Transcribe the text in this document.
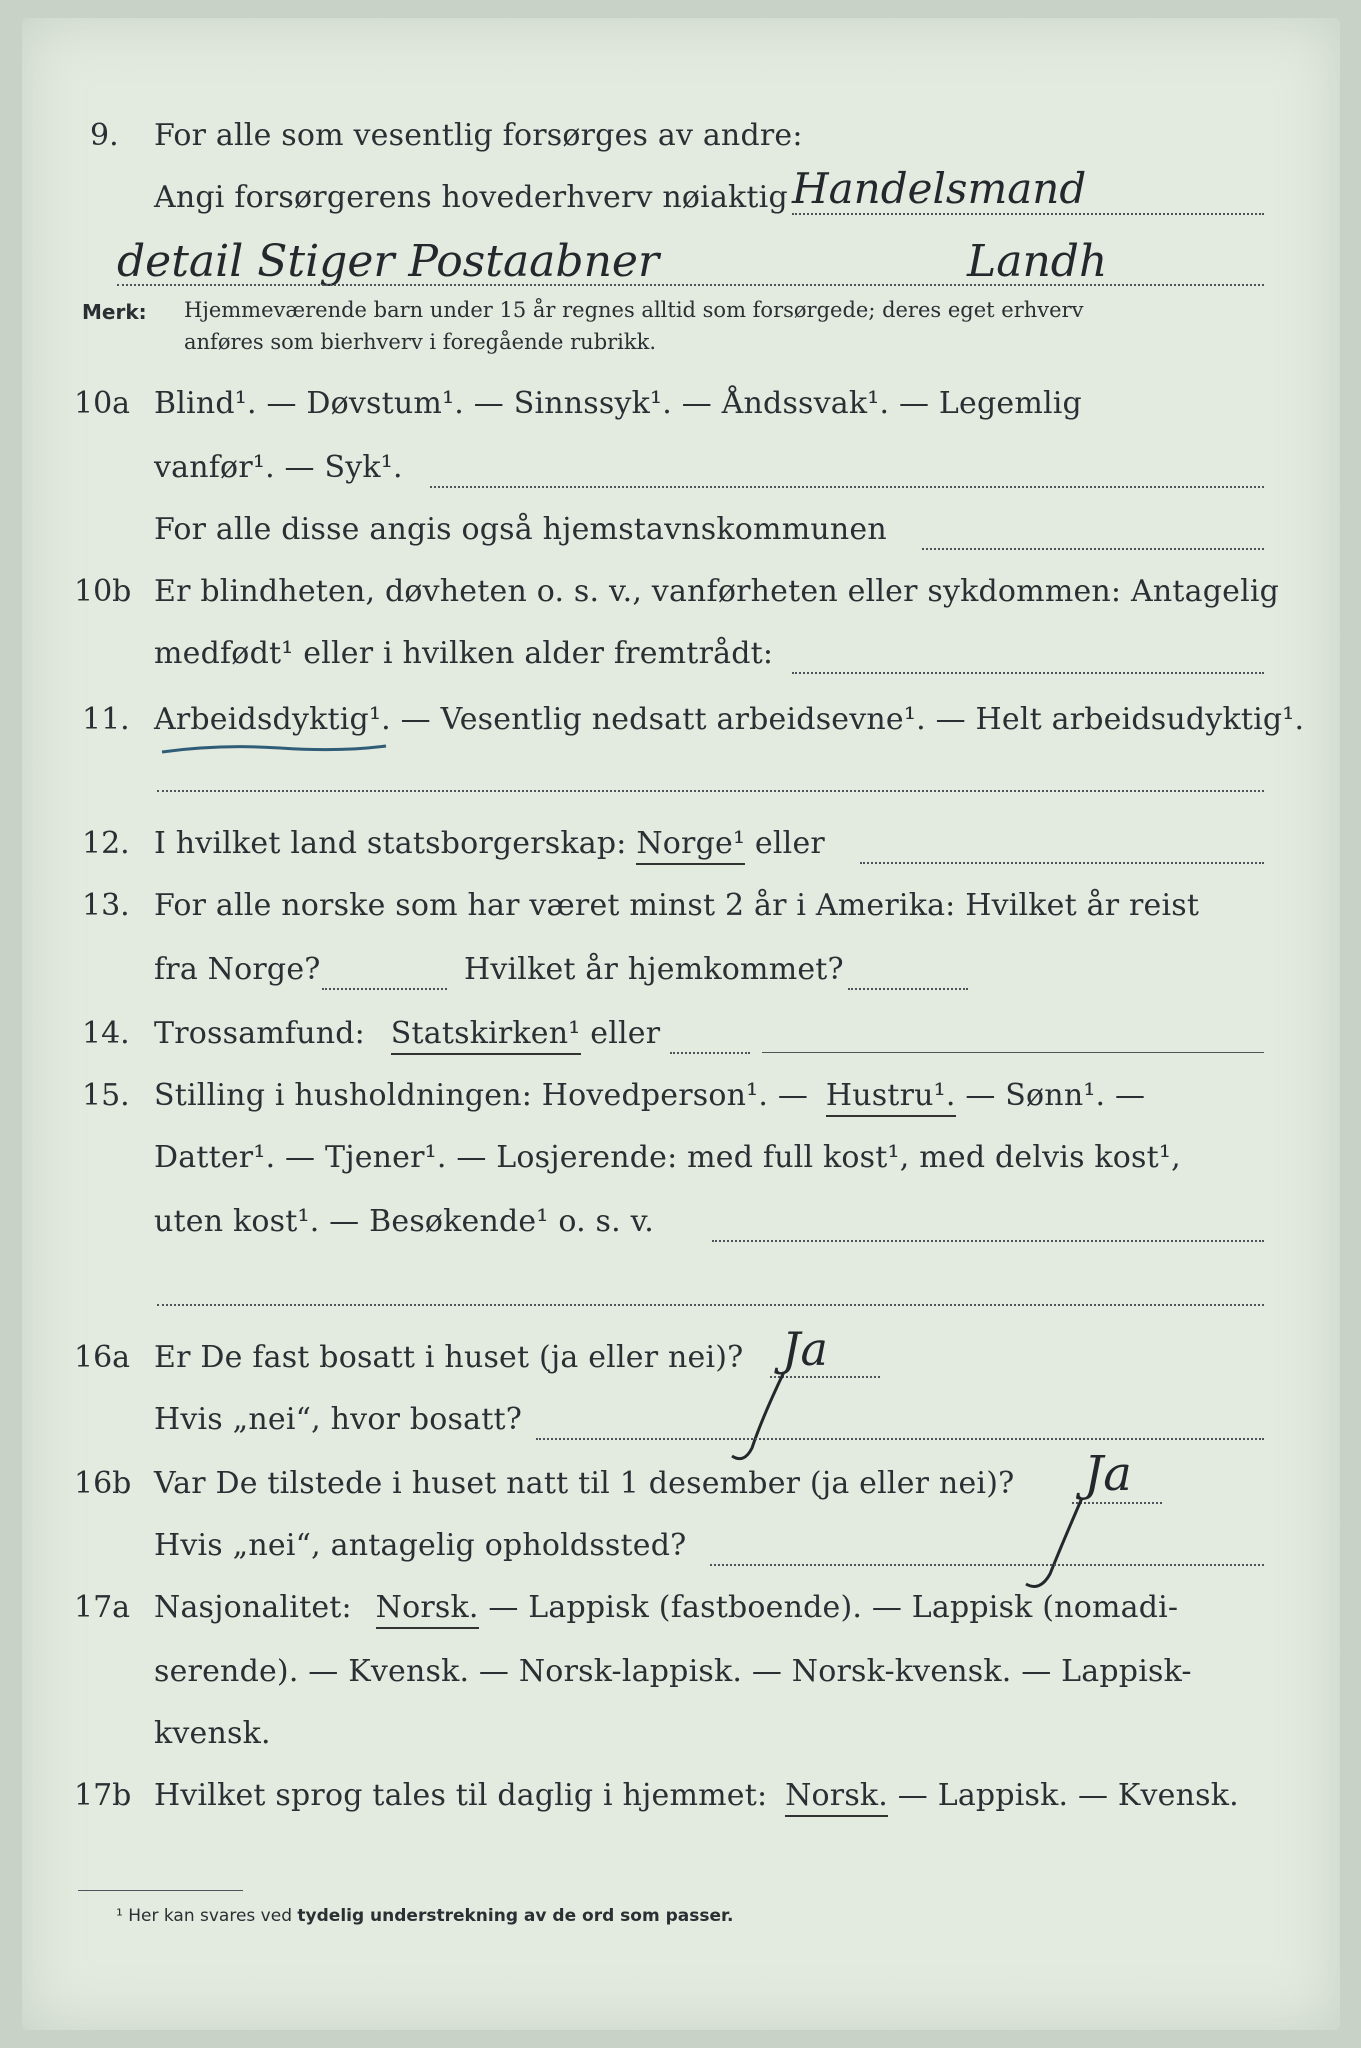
9. For alle som vesentlig forsørges av andre:
Angi forsørgerens hovederhverv nøiaktig Handelsmand
detail Stiger Postaabner	Landh
Merk: Hjemmeværende barn under 15 år regnes alltid som forsørgede; deres eget erhverv
anføres som bierhverv i foregående rubrikk.
10a Blind¹. — Døvstum¹. — Sinnssyk¹. — Åndssvak¹. — Legemlig
vanfør¹. — Syk¹.
For alle disse angis også hjemstavnskommunen
10b Er blindheten, døvheten o. s. v., vanførheten eller sykdommen: Antagelig
medfødt¹ eller i hvilken alder fremtrådt:
11. Arbeidsdyktig¹. — Vesentlig nedsatt arbeidsevne¹. — Helt arbeidsudyktig¹.
12. I hvilket land statsborgerskap: Norge¹ eller
13. For alle norske som har været minst 2 år i Amerika: Hvilket år reist
fra Norge?	Hvilket år hjemkommet?
14. Trossamfund: Statskirken¹ eller
15. Stilling i husholdningen: Hovedperson¹. — Hustru¹. — Sønn¹. —
Datter¹. — Tjener¹. — Losjerende: med full kost¹, med delvis kost¹,
uten kost¹. — Besøkende¹ o. s. v.
16a Er De fast bosatt i huset (ja eller nei)? Ja
Hvis „nei“, hvor bosatt?
16b Var De tilstede i huset natt til 1 desember (ja eller nei)? Ja
Hvis „nei“, antagelig opholdssted?
17a Nasjonalitet: Norsk. — Lappisk (fastboende). — Lappisk (nomadi-
serende). — Kvensk. — Norsk-lappisk. — Norsk-kvensk. — Lappisk-
kvensk.
17b Hvilket sprog tales til daglig i hjemmet: Norsk. — Lappisk. — Kvensk.
¹ Her kan svares ved tydelig understrekning av de ord som passer.
